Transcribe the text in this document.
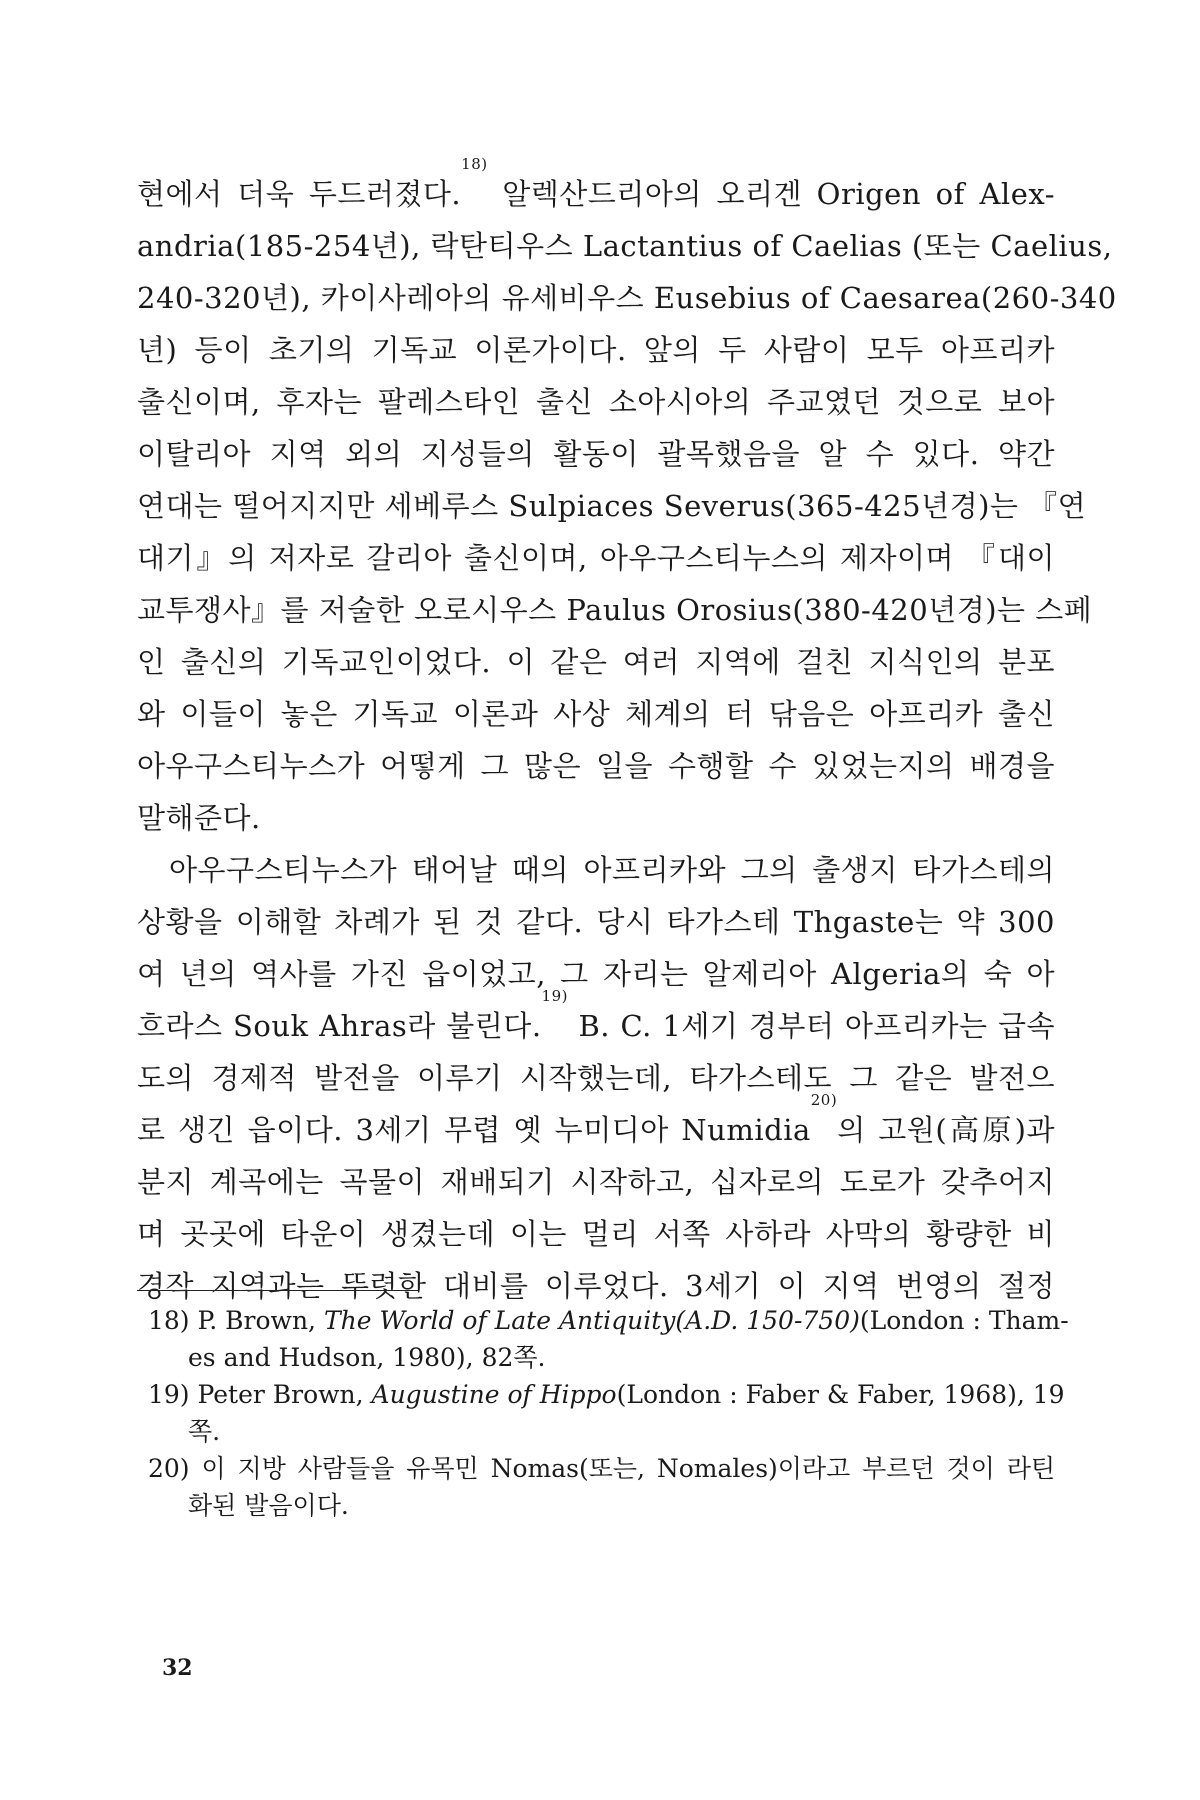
현에서 더욱 두드러졌다.$^{18)}$ 알렉산드리아의 오리겐 Origen of Alex-
andria(185-254년), 락탄티우스 Lactantius of Caelias (또는 Caelius,
240-320년), 카이사레아의 유세비우스 Eusebius of Caesarea(260-340
년) 등이 초기의 기독교 이론가이다. 앞의 두 사람이 모두 아프리카
출신이며, 후자는 팔레스타인 출신 소아시아의 주교였던 것으로 보아
이탈리아 지역 외의 지성들의 활동이 괄목했음을 알 수 있다. 약간
연대는 떨어지지만 세베루스 Sulpiaces Severus(365-425년경)는 『연
대기』의 저자로 갈리아 출신이며, 아우구스티누스의 제자이며 『대이
교투쟁사』를 저술한 오로시우스 Paulus Orosius(380-420년경)는 스페
인 출신의 기독교인이었다. 이 같은 여러 지역에 걸친 지식인의 분포
와 이들이 놓은 기독교 이론과 사상 체계의 터 닦음은 아프리카 출신
아우구스티누스가 어떻게 그 많은 일을 수행할 수 있었는지의 배경을
말해준다.
아우구스티누스가 태어날 때의 아프리카와 그의 출생지 타가스테의
상황을 이해할 차례가 된 것 같다. 당시 타가스테 Thgaste는 약 300
여 년의 역사를 가진 읍이었고, 그 자리는 알제리아 Algeria의 숙 아
흐라스 Souk Ahras라 불린다.$^{19)}$ B. C. 1세기 경부터 아프리카는 급속
도의 경제적 발전을 이루기 시작했는데, 타가스테도 그 같은 발전으
로 생긴 읍이다. 3세기 무렵 옛 누미디아 Numidia$^{20)}$의 고원(高原)과
분지 계곡에는 곡물이 재배되기 시작하고, 십자로의 도로가 갖추어지
며 곳곳에 타운이 생겼는데 이는 멀리 서쪽 사하라 사막의 황량한 비
경작 지역과는 뚜렷한 대비를 이루었다. 3세기 이 지역 번영의 절정
18) P. Brown, The World of Late Antiquity(A.D. 150-750)(London : Tham-
es and Hudson, 1980), 82쪽.
19) Peter Brown, Augustine of Hippo(London : Faber & Faber, 1968), 19
쪽.
20) 이 지방 사람들을 유목민 Nomas(또는, Nomales)이라고 부르던 것이 라틴
화된 발음이다.
32
